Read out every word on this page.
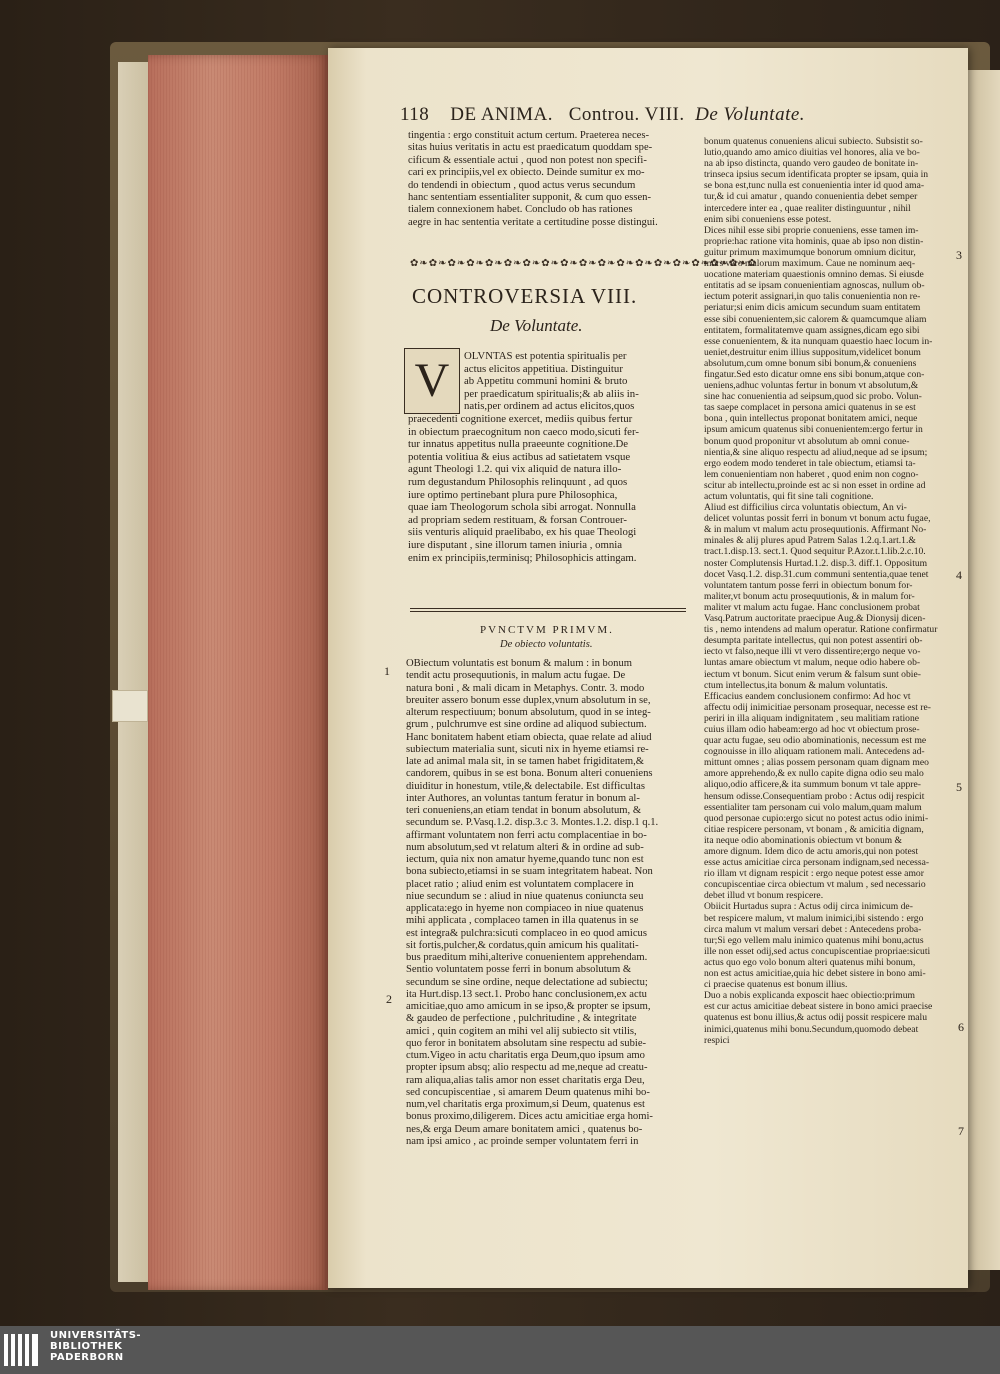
118 DE ANIMA. Controu. VIII. De Voluntate.
tingentia : ergo constituit actum certum. Praeterea neces-
sitas huius veritatis in actu est praedicatum quoddam spe-
cificum & essentiale actui , quod non potest non specifi-
cari ex principiis,vel ex obiecto. Deinde sumitur ex mo-
do tendendi in obiectum , quod actus verus secundum
hanc sententiam essentialiter supponit, & cum quo essen-
tialem connexionem habet. Concludo ob has rationes
aegre in hac sententia veritate a certitudine posse distingui.
✿❧✿❧✿❧✿❧✿❧✿❧✿❧✿❧✿❧✿❧✿❧✿❧✿❧✿❧✿❧✿❧✿❧✿❧✿
CONTROVERSIA VIII.
De Voluntate.
V	OLVNTAS est potentia spiritualis per
actus elicitos appetitiua. Distinguitur
ab Appetitu communi homini & bruto
per praedicatum spiritualis;& ab aliis in-
natis,per ordinem ad actus elicitos,quos
praecedenti cognitione exercet, mediis quibus fertur
in obiectum praecognitum non caeco modo,sicuti fer-
tur innatus appetitus nulla praeeunte cognitione.De
potentia volitiua & eius actibus ad satietatem vsque
agunt Theologi 1.2. qui vix aliquid de natura illo-
rum degustandum Philosophis relinquunt , ad quos
iure optimo pertinebant plura pure Philosophica,
quae iam Theologorum schola sibi arrogat. Nonnulla
ad propriam sedem restituam, & forsan Controuer-
siis venturis aliquid praelibabo, ex his quae Theologi
iure disputant , sine illorum tamen iniuria , omnia
enim ex principiis,terminisq; Philosophicis attingam.
PVNCTVM PRIMVM.
De obiecto voluntatis.
1
2
3
4
5
6
7
OBiectum voluntatis est bonum & malum : in bonum
tendit actu prosequutionis, in malum actu fugae. De
natura boni , & mali dicam in Metaphys. Contr. 3. modo
breuiter assero bonum esse duplex,vnum absolutum in se,
alterum respectiuum; bonum absolutum, quod in se integ-
grum , pulchrumve est sine ordine ad aliquod subiectum.
Hanc bonitatem habent etiam obiecta, quae relate ad aliud
subiectum materialia sunt, sicuti nix in hyeme etiamsi re-
late ad animal mala sit, in se tamen habet frigiditatem,&
candorem, quibus in se est bona. Bonum alteri conueniens
diuiditur in honestum, vtile,& delectabile. Est difficultas
inter Authores, an voluntas tantum feratur in bonum al-
teri conueniens,an etiam tendat in bonum absolutum, &
secundum se. P.Vasq.1.2. disp.3.c 3. Montes.1.2. disp.1 q.1.
affirmant voluntatem non ferri actu complacentiae in bo-
num absolutum,sed vt relatum alteri & in ordine ad sub-
iectum, quia nix non amatur hyeme,quando tunc non est
bona subiecto,etiamsi in se suam integritatem habeat. Non
placet ratio ; aliud enim est voluntatem complacere in
niue secundum se : aliud in niue quatenus coniuncta seu
applicata:ego in hyeme non compiaceo in niue quatenus
mihi applicata , complaceo tamen in illa quatenus in se
est integra& pulchra:sicuti complaceo in eo quod amicus
sit fortis,pulcher,& cordatus,quin amicum his qualitati-
bus praeditum mihi,alterive conuenientem apprehendam.
Sentio voluntatem posse ferri in bonum absolutum &
secundum se sine ordine, neque delectatione ad subiectu;
ita Hurt.disp.13 sect.1. Probo hanc conclusionem,ex actu
amicitiae,quo amo amicum in se ipso,& propter se ipsum,
& gaudeo de perfectione , pulchritudine , & integritate
amici , quin cogitem an mihi vel alij subiecto sit vtilis,
quo feror in bonitatem absolutam sine respectu ad subie-
ctum.Vigeo in actu charitatis erga Deum,quo ipsum amo
propter ipsum absq; alio respectu ad me,neque ad creatu-
ram aliqua,alias talis amor non esset charitatis erga Deu,
sed concupiscentiae , si amarem Deum quatenus mihi bo-
num,vel charitatis erga proximum,si Deum, quatenus est
bonus proximo,diligerem. Dices actu amicitiae erga homi-
nes,& erga Deum amare bonitatem amici , quatenus bo-
nam ipsi amico , ac proinde semper voluntatem ferri in
bonum quatenus conueniens alicui subiecto. Subsistit so-
lutio,quando amo amico diuitias vel honores, alia ve bo-
na ab ipso distincta, quando vero gaudeo de bonitate in-
trinseca ipsius secum identificata propter se ipsam, quia in
se bona est,tunc nulla est conuenientia inter id quod ama-
tur,& id cui amatur , quando conuenientia debet semper
intercedere inter ea , quae realiter distinguuntur , nihil
enim sibi conueniens esse potest.
Dices nihil esse sibi proprie conueniens, esse tamen im-
proprie:hac ratione vita hominis, quae ab ipso non distin-
guitur primum maximumque bonorum omnium dicitur,
mors vero malorum maximum. Caue ne nominum aeq-
uocatione materiam quaestionis omnino demas. Si eiusde
entitatis ad se ipsam conuenientiam agnoscas, nullum ob-
iectum poterit assignari,in quo talis conuenientia non re-
periatur;si enim dicis amicum secundum suam entitatem
esse sibi conuenientem,sic calorem & quamcumque aliam
entitatem, formalitatemve quam assignes,dicam ego sibi
esse conuenientem, & ita nunquam quaestio haec locum in-
ueniet,destruitur enim illius suppositum,videlicet bonum
absolutum,cum omne bonum sibi bonum,& conueniens
fingatur.Sed esto dicatur omne ens sibi bonum,atque con-
ueniens,adhuc voluntas fertur in bonum vt absolutum,&
sine hac conuenientia ad seipsum,quod sic probo. Volun-
tas saepe complacet in persona amici quatenus in se est
bona , quin intellectus proponat bonitatem amici, neque
ipsum amicum quatenus sibi conuenientem:ergo fertur in
bonum quod proponitur vt absolutum ab omni conue-
nientia,& sine aliquo respectu ad aliud,neque ad se ipsum;
ergo eodem modo tenderet in tale obiectum, etiamsi ta-
lem conuenientiam non haberet , quod enim non cogno-
scitur ab intellectu,proinde est ac si non esset in ordine ad
actum voluntatis, qui fit sine tali cognitione.
Aliud est difficilius circa voluntatis obiectum, An vi-
delicet voluntas possit ferri in bonum vt bonum actu fugae,
& in malum vt malum actu prosequutionis. Affirmant No-
minales & alij plures apud Patrem Salas 1.2.q.1.art.1.&
tract.1.disp.13. sect.1. Quod sequitur P.Azor.t.1.lib.2.c.10.
noster Complutensis Hurtad.1.2. disp.3. diff.1. Oppositum
docet Vasq.1.2. disp.31.cum communi sententia,quae tenet
voluntatem tantum posse ferri in obiectum bonum for-
maliter,vt bonum actu prosequutionis, & in malum for-
maliter vt malum actu fugae. Hanc conclusionem probat
Vasq.Patrum auctoritate praecipue Aug.& Dionysij dicen-
tis , nemo intendens ad malum operatur. Ratione confirmatur
desumpta paritate intellectus, qui non potest assentiri ob-
iecto vt falso,neque illi vt vero dissentire;ergo neque vo-
luntas amare obiectum vt malum, neque odio habere ob-
iectum vt bonum. Sicut enim verum & falsum sunt obie-
ctum intellectus,ita bonum & malum voluntatis.
Efficacius eandem conclusionem confirmo: Ad hoc vt
affectu odij inimicitiae personam prosequar, necesse est re-
periri in illa aliquam indignitatem , seu malitiam ratione
cuius illam odio habeam:ergo ad hoc vt obiectum prose-
quar actu fugae, seu odio abominationis, necessum est me
cognouisse in illo aliquam rationem mali. Antecedens ad-
mittunt omnes ; alias possem personam quam dignam meo
amore apprehendo,& ex nullo capite digna odio seu malo
aliquo,odio afficere,& ita summum bonum vt tale appre-
hensum odisse.Consequentiam probo : Actus odij respicit
essentialiter tam personam cui volo malum,quam malum
quod personae cupio:ergo sicut no potest actus odio inimi-
citiae respicere personam, vt bonam , & amicitia dignam,
ita neque odio abominationis obiectum vt bonum &
amore dignum. Idem dico de actu amoris,qui non potest
esse actus amicitiae circa personam indignam,sed necessa-
rio illam vt dignam respicit : ergo neque potest esse amor
concupiscentiae circa obiectum vt malum , sed necessario
debet illud vt bonum respicere.
Obiicit Hurtadus supra : Actus odij circa inimicum de-
bet respicere malum, vt malum inimici,ibi sistendo : ergo
circa malum vt malum versari debet : Antecedens proba-
tur;Si ego vellem malu inimico quatenus mihi bonu,actus
ille non esset odij,sed actus concupiscentiae propriae:sicuti
actus quo ego volo bonum alteri quatenus mihi bonum,
non est actus amicitiae,quia hic debet sistere in bono ami-
ci praecise quatenus est bonum illius.
Duo a nobis explicanda exposcit haec obiectio:primum
est cur actus amicitiae debeat sistere in bono amici praecise
quatenus est bonu illius,& actus odij possit respicere malu
inimici,quatenus mihi bonu.Secundum,quomodo debeat
respici
UNIVERSITÄTS-
BIBLIOTHEK
PADERBORN
